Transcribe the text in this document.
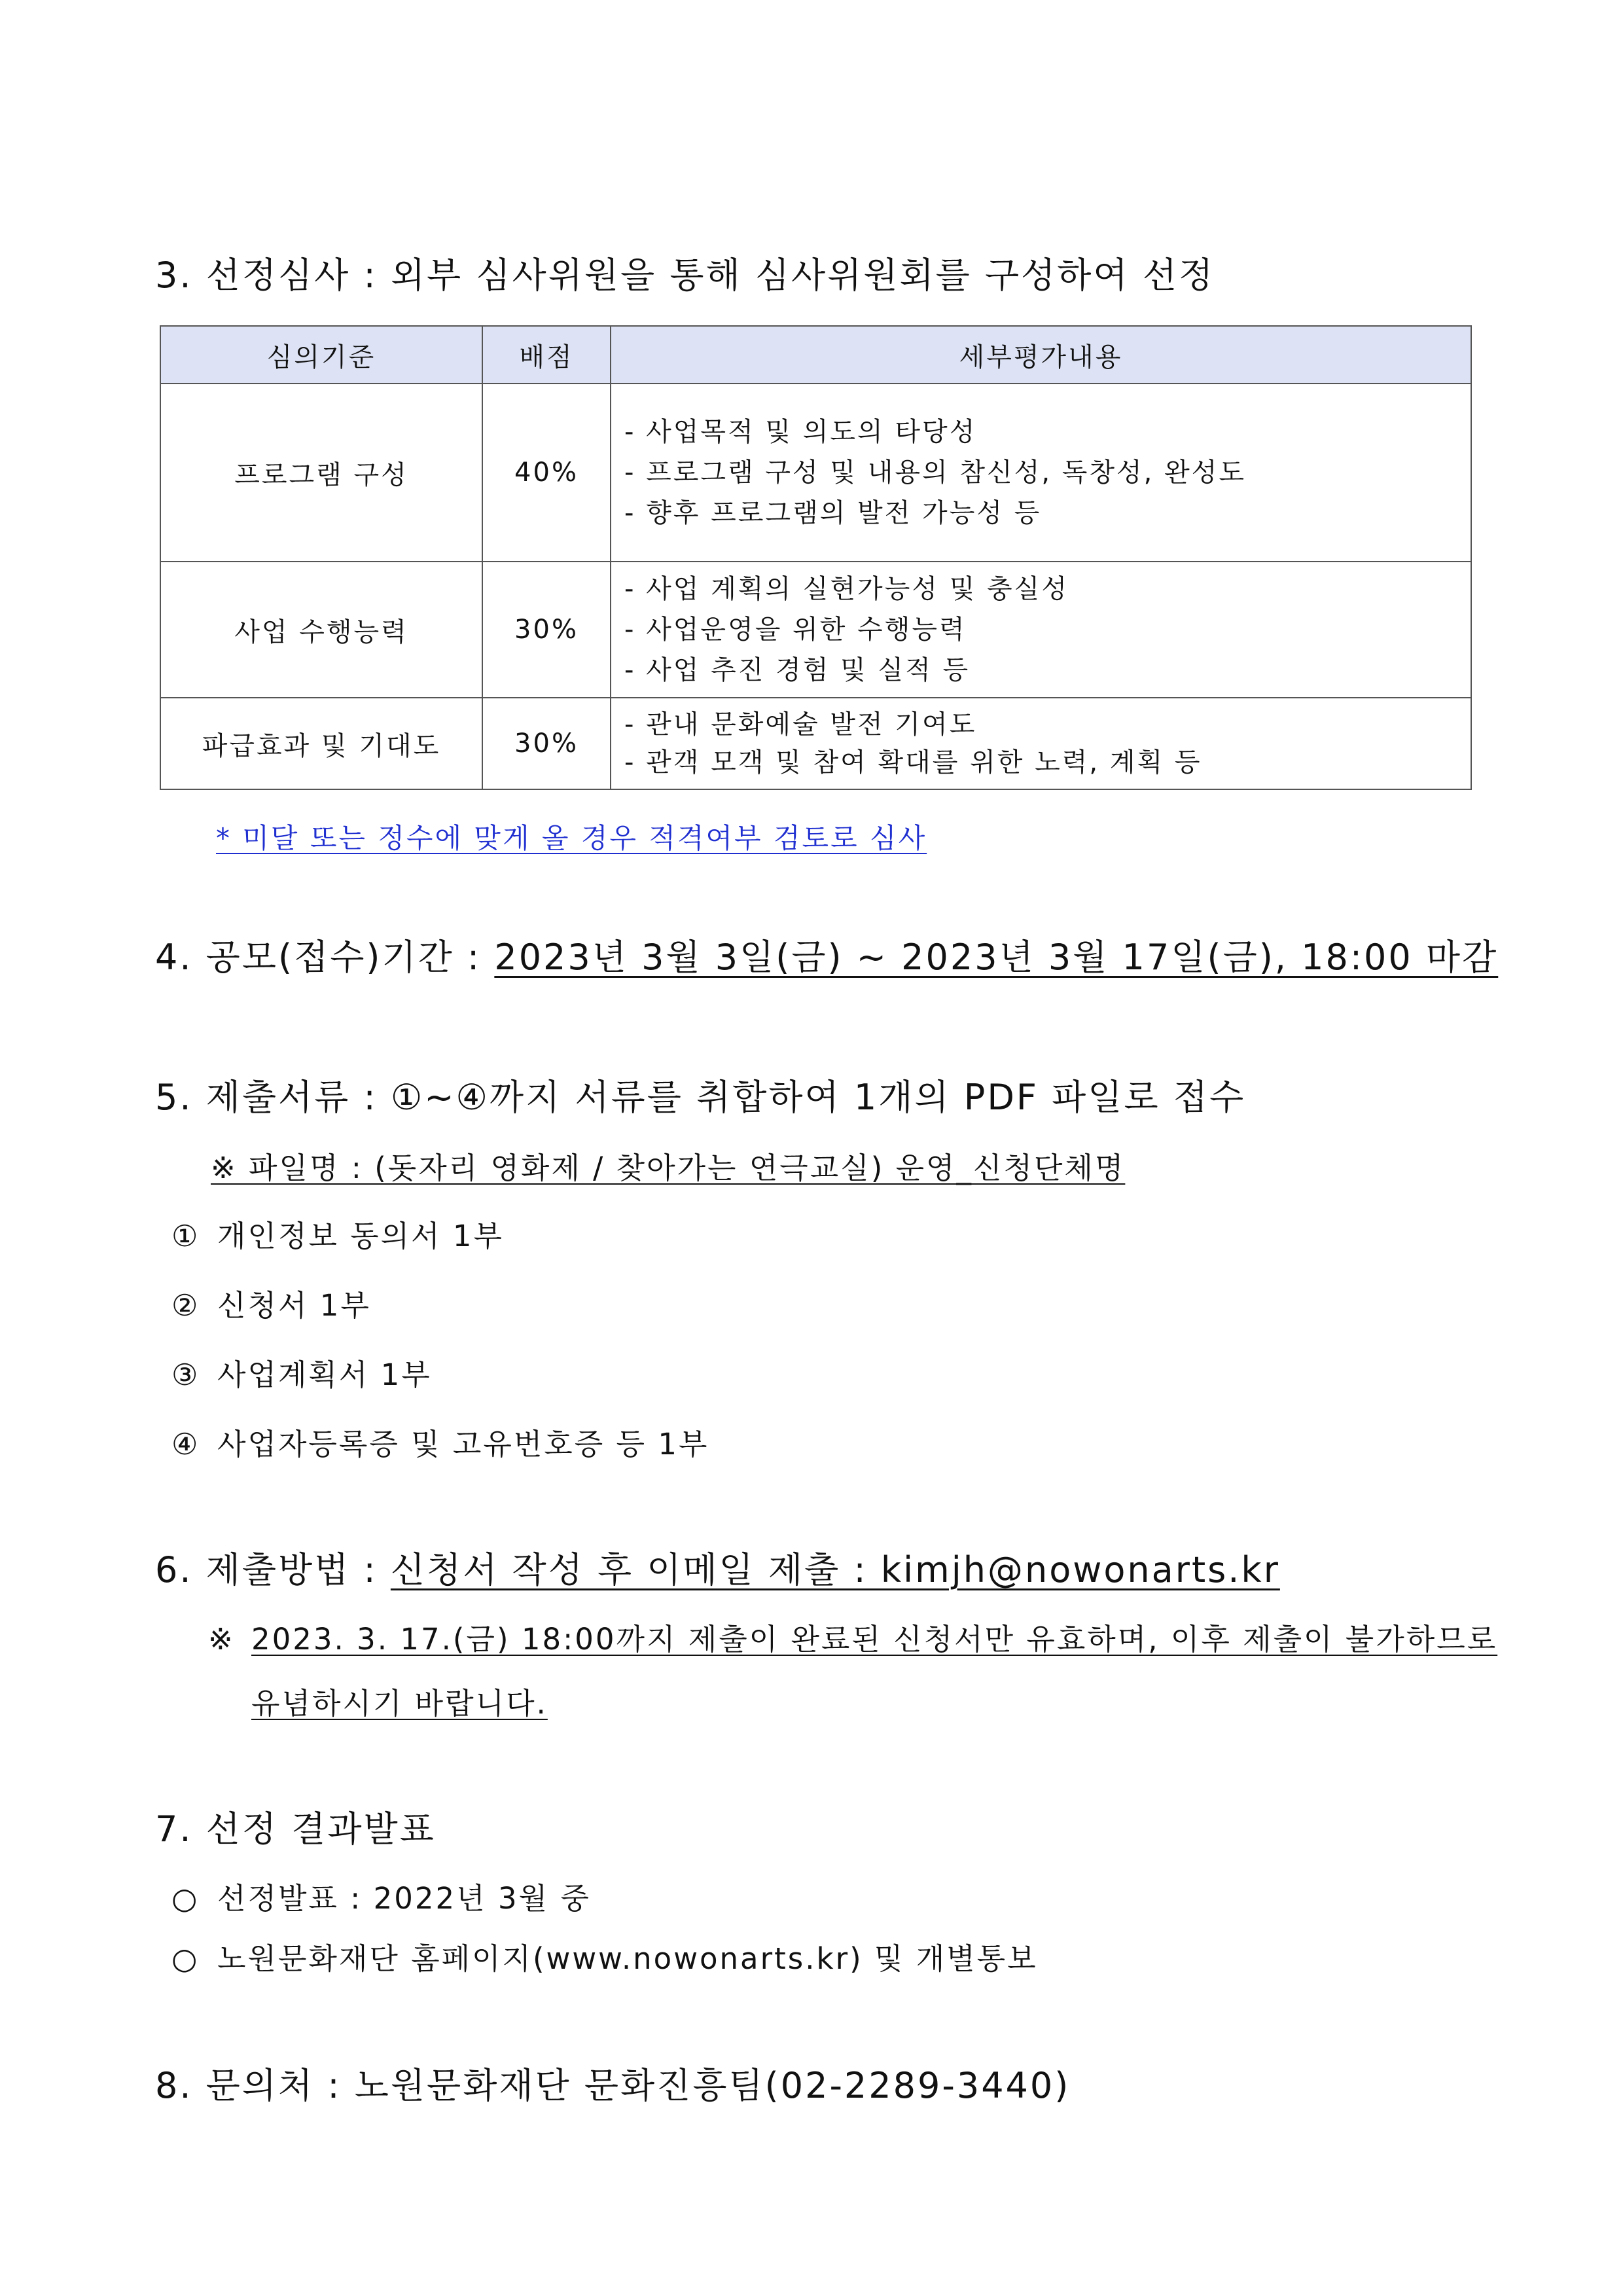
3. 선정심사 : 외부 심사위원을 통해 심사위원회를 구성하여 선정
심의기준	배점	세부평가내용
프로그램 구성	40%	- 사업목적 및 의도의 타당성
- 프로그램 구성 및 내용의 참신성, 독창성, 완성도
- 향후 프로그램의 발전 가능성 등

사업 수행능력	30%	- 사업 계획의 실현가능성 및 충실성
- 사업운영을 위한 수행능력
- 사업 추진 경험 및 실적 등

파급효과 및 기대도	30%	- 관내 문화예술 발전 기여도
- 관객 모객 및 참여 확대를 위한 노력, 계획 등
* 미달 또는 정수에 맞게 올 경우 적격여부 검토로 심사
4. 공모(접수)기간 : 2023년 3월 3일(금) ~ 2023년 3월 17일(금), 18:00 마감
5. 제출서류 : ①~④까지 서류를 취합하여 1개의 PDF 파일로 접수
※ 파일명 : (돗자리 영화제 / 찾아가는 연극교실) 운영_신청단체명
① 개인정보 동의서 1부
② 신청서 1부
③ 사업계획서 1부
④ 사업자등록증 및 고유번호증 등 1부
6. 제출방법 : 신청서 작성 후 이메일 제출 : kimjh@nowonarts.kr
※ 2023. 3. 17.(금) 18:00까지 제출이 완료된 신청서만 유효하며, 이후 제출이 불가하므로
유념하시기 바랍니다.
7. 선정 결과발표
○ 선정발표 : 2022년 3월 중
○ 노원문화재단 홈페이지(www.nowonarts.kr) 및 개별통보
8. 문의처 : 노원문화재단 문화진흥팀(02-2289-3440)
